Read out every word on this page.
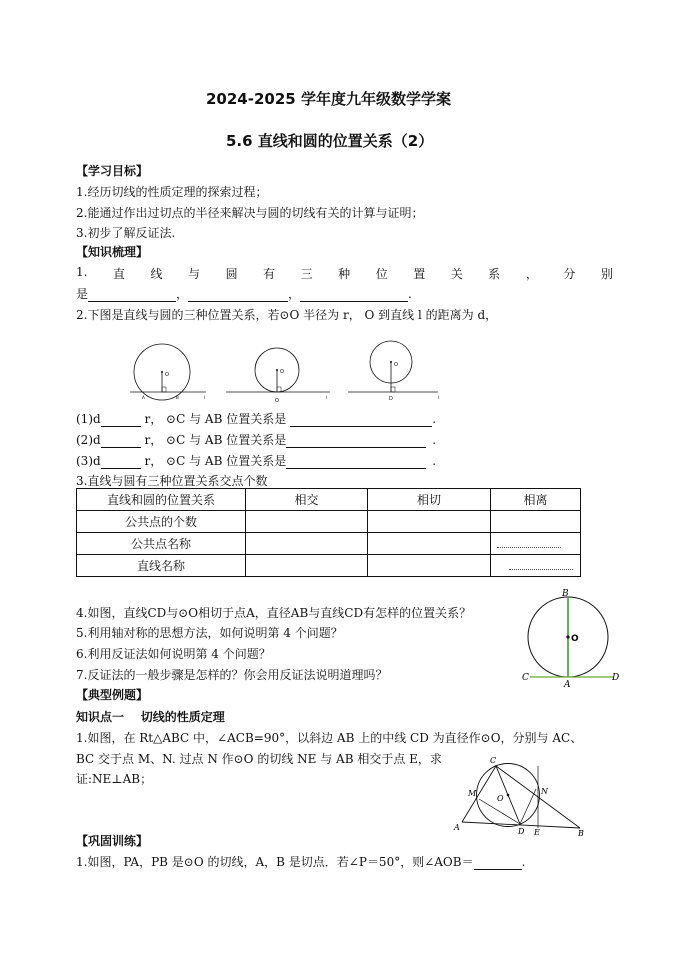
2024-2025 学年度九年级数学学案
5.6 直线和圆的位置关系（2）
【学习目标】
1.经历切线的性质定理的探索过程；
2.能通过作出过切点的半径来解决与圆的切线有关的计算与证明；
3.初步了解反证法.
【知识梳理】
1. 直 线 与 圆 有 三 种 位 置 关 系 ， 分 别
是	，	，	.
2.下图是直线与圆的三种位置关系，若⊙O 半径为 r， O 到直线 l 的距离为 d，
O
A	B	l
O
O
l
O
D	l
(1)d	r， ⊙C 与 AB 位置关系是	.
(2)d	r， ⊙C 与 AB 位置关系是	.
(3)d	r， ⊙C 与 AB 位置关系是	.
3.直线与圆有三种位置关系交点个数
直线和圆的位置关系	相交	相切	相离
公共点的个数			
公共点名称			
直线名称			
4.如图，直线CD与⊙O相切于点A，直径AB与直线CD有怎样的位置关系？
5.利用轴对称的思想方法，如何说明第 4 个问题？
6.利用反证法如何说明第 4 个问题？
7.反证法的一般步骤是怎样的？你会用反证法说明道理吗？
B
O
C
A
D
【典型例题】
知识点一    切线的性质定理
1.如图，在 Rt△ABC 中，∠ACB=90°，以斜边 AB 上的中线 CD 为直径作⊙O，分别与 AC、
BC 交于点 M、N. 过点 N 作⊙O 的切线 NE 与 AB 相交于点 E，求
证:NE⊥AB；
C
M
O
N
A	D E	B
【巩固训练】
1.如图，PA，PB 是⊙O 的切线，A，B 是切点．若∠P＝50°，则∠AOB＝	.
